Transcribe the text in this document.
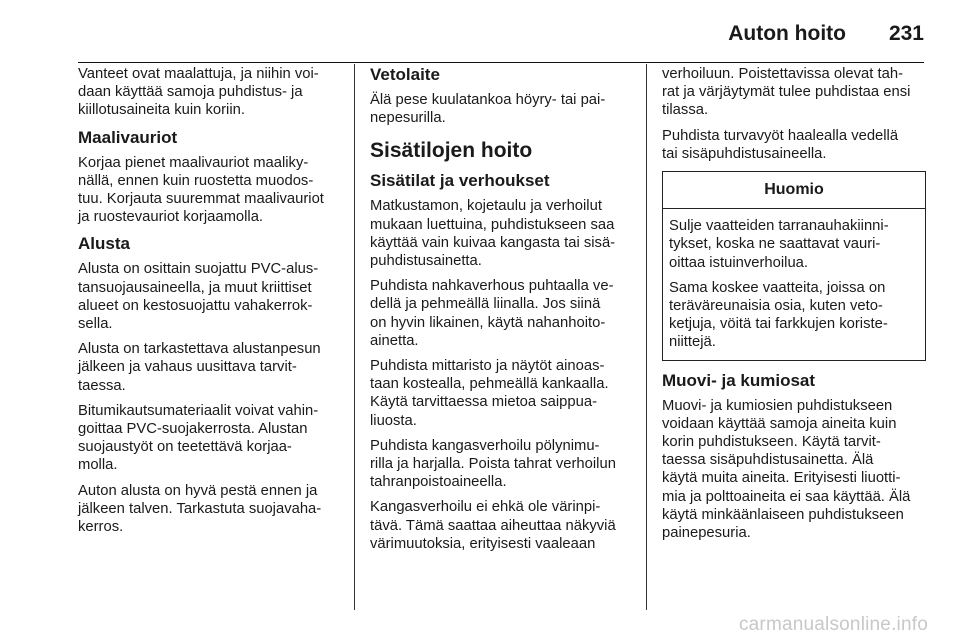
Auton hoito 231

Vanteet ovat maalattuja, ja niihin voi-
daan käyttää samoja puhdistus- ja
kiillotusaineita kuin koriin.

Maalivauriot

Korjaa pienet maalivauriot maaliky-
nällä, ennen kuin ruostetta muodos-
tuu. Korjauta suuremmat maalivauriot
ja ruostevauriot korjaamolla.

Alusta

Alusta on osittain suojattu PVC-alus-
tansuojausaineella, ja muut kriittiset
alueet on kestosuojattu vahakerrok-
sella.

Alusta on tarkastettava alustanpesun
jälkeen ja vahaus uusittava tarvit-
taessa.

Bitumikautsumateriaalit voivat vahin-
goittaa PVC-suojakerrosta. Alustan
suojaustyöt on teetettävä korjaa-
molla.

Auton alusta on hyvä pestä ennen ja
jälkeen talven. Tarkastuta suojavaha-
kerros.

Vetolaite

Älä pese kuulatankoa höyry- tai pai-
nepesurilla.

Sisätilojen hoito
Sisätilat ja verhoukset

Matkustamon, kojetaulu ja verhoilut
mukaan luettuina, puhdistukseen saa
käyttää vain kuivaa kangasta tai sisä-
puhdistusainetta.

Puhdista nahkaverhous puhtaalla ve-
dellä ja pehmeällä liinalla. Jos siinä
on hyvin likainen, käytä nahanhoito-
ainetta.

Puhdista mittaristo ja näytöt ainoas-
taan kostealla, pehmeällä kankaalla.
Käytä tarvittaessa mietoa saippua-
liuosta.

Puhdista kangasverhoilu pölynimu-
rilla ja harjalla. Poista tahrat verhoilun
tahranpoistoaineella.

Kangasverhoilu ei ehkä ole värinpi-
tävä. Tämä saattaa aiheuttaa näkyviä
värimuutoksia, erityisesti vaaleaan

verhoiluun. Poistettavissa olevat tah-
rat ja värjäytymät tulee puhdistaa ensi
tilassa.

Puhdista turvavyöt haalealla vedellä
tai sisäpuhdistusaineella.

Huomio

Sulje vaatteiden tarranauhakiinni-
tykset, koska ne saattavat vauri-
oittaa istuinverhoilua.

Sama koskee vaatteita, joissa on
teräväreunaisia osia, kuten veto-
ketjuja, vöitä tai farkkujen koriste-
niittejä.

Muovi- ja kumiosat

Muovi- ja kumiosien puhdistukseen
voidaan käyttää samoja aineita kuin
korin puhdistukseen. Käytä tarvit-
taessa sisäpuhdistusainetta. Älä
käytä muita aineita. Erityisesti liuotti-
mia ja polttoaineita ei saa käyttää. Älä
käytä minkäänlaiseen puhdistukseen
painepesuria.

carmanualsonline.info
